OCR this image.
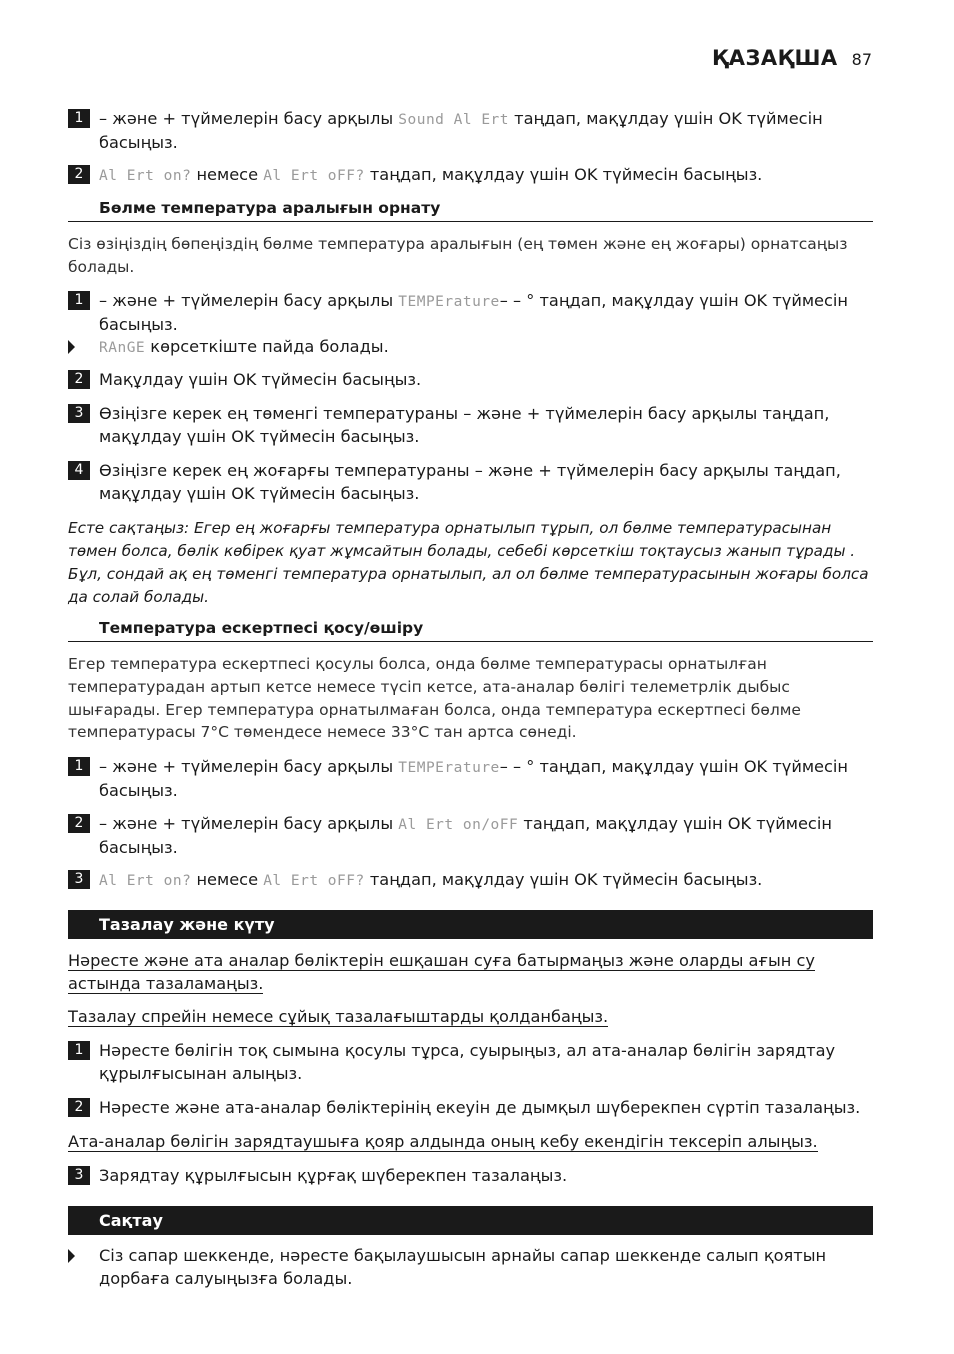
ҚАЗАҚША 87
1 – және + түймелерін басу арқылы Sound Al Ert таңдап, мақұлдау үшін OK түймесін басыңыз.
2	Al Ert on? немесе Al Ert oFF? таңдап, мақұлдау үшін OK түймесін басыңыз.
Бөлме температура аралығын орнату
Сіз өзіңіздің бөпеңіздің бөлме температура аралығын (ең төмен және ең жоғары) орнатсаңыз болады.
1 – және + түймелерін басу арқылы TEMPErature– – ° таңдап, мақұлдау үшін OK түймесін басыңыз.
RAnGE көрсеткіште пайда болады.
2 Мақұлдау үшін OK түймесін басыңыз.
3 Өзіңізге керек ең төменгі температураны – және + түймелерін басу арқылы таңдап, мақұлдау үшін OK түймесін басыңыз.
4 Өзіңізге керек ең жоғарғы температураны – және + түймелерін басу арқылы таңдап, мақұлдау үшін OK түймесін басыңыз.
Есте сақтаңыз: Егер ең жоғарғы температура орнатылып тұрып, ол бөлме температурасынан төмен болса, бөлік көбірек қуат жұмсайтын болады, себебі көрсеткіш тоқтаусыз жанып тұрады . Бұл, сондай ақ ең төменгі температура орнатылып, ал ол бөлме температурасынын жоғары болса да солай болады.
Температура ескертпесі қосу/өшіру
Егер температура ескертпесі қосулы болса, онда бөлме температурасы орнатылған температурадан артып кетсе немесе түсіп кетсе, ата-аналар бөлігі телеметрлік дыбыс шығарады. Егер температура орнатылмаған болса, онда температура ескертпесі бөлме температурасы 7°C төмендесе немесе 33°C тан артса сөнеді.
1 – және + түймелерін басу арқылы TEMPErature– – ° таңдап, мақұлдау үшін OK түймесін басыңыз.
2 – және + түймелерін басу арқылы Al Ert on/oFF таңдап, мақұлдау үшін OK түймесін басыңыз.
3	Al Ert on? немесе Al Ert oFF? таңдап, мақұлдау үшін OK түймесін басыңыз.
Тазалау және күту
Нәресте және ата аналар бөліктерін ешқашан суға батырмаңыз және оларды ағын су
астында тазаламаңыз.
Тазалау спрейін немесе сұйық тазалағыштарды қолданбаңыз.
1 Нәресте бөлігін тоқ сымына қосулы тұрса, суырыңыз, ал ата-аналар бөлігін зарядтау құрылғысынан алыңыз.
2 Нәресте және ата-аналар бөліктерінің екеуін де дымқыл шүберекпен сүртіп тазалаңыз.
Ата-аналар бөлігін зарядтаушыға қояр алдында оның кебу екендігін тексеріп алыңыз.
3 Зарядтау құрылғысын құрғақ шүберекпен тазалаңыз.
Сақтау
Сіз сапар шеккенде, нәресте бақылаушысын арнайы сапар шеккенде салып қоятын дорбаға салуыңызға болады.
